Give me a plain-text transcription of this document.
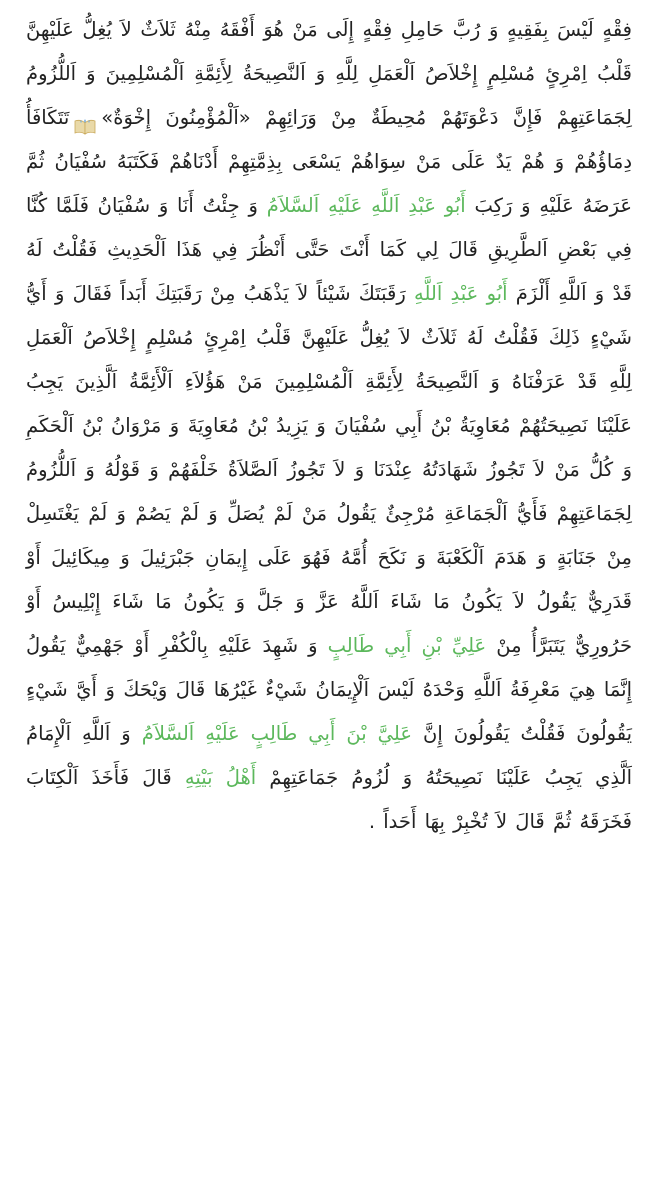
فِقْهٍ لَيْسَ بِفَقِيهٍ وَ رُبَّ حَامِلِ فِقْهٍ إِلَى مَنْ هُوَ أَفْقَهُ مِنْهُ ثَلاَثٌ لاَ يُغِلُّ عَلَيْهِنَّ قَلْبُ اِمْرِئٍ مُسْلِمٍ إِخْلاَصُ اَلْعَمَلِ لِلَّهِ وَ اَلنَّصِيحَةُ لِأَئِمَّةِ اَلْمُسْلِمِينَ وَ اَللُّزُومُ لِجَمَاعَتِهِمْ فَإِنَّ دَعْوَتَهُمْ مُحِيطَةٌ مِنْ وَرَائِهِمْ «اَلْمُؤْمِنُونَ إِخْوَةٌ»تَتَكَافَأُ دِمَاؤُهُمْ وَ هُمْ يَدٌ عَلَى مَنْ سِوَاهُمْ يَسْعَى بِذِمَّتِهِمْ أَدْنَاهُمْ فَكَتَبَهُ سُفْيَانُ ثُمَّ عَرَضَهُ عَلَيْهِ وَ رَكِبَ أَبُو عَبْدِ اَللَّهِ عَلَيْهِ اَلسَّلاَمُ وَ جِئْتُ أَنَا وَ سُفْيَانُ فَلَمَّا كُنَّا فِي بَعْضِ اَلطَّرِيقِ قَالَ لِي كَمَا أَنْتَ حَتَّى أَنْظُرَ فِي هَذَا اَلْحَدِيثِ فَقُلْتُ لَهُ قَدْ وَ اَللَّهِ أَلْزَمَ أَبُو عَبْدِ اَللَّهِ رَقَبَتَكَ شَيْئاً لاَ يَذْهَبُ مِنْ رَقَبَتِكَ أَبَداً فَقَالَ وَ أَيُّ شَيْءٍ ذَلِكَ فَقُلْتُ لَهُ ثَلاَثٌ لاَ يُغِلُّ عَلَيْهِنَّ قَلْبُ اِمْرِئٍ مُسْلِمٍ إِخْلاَصُ اَلْعَمَلِ لِلَّهِ قَدْ عَرَفْنَاهُ وَ اَلنَّصِيحَةُ لِأَئِمَّةِ اَلْمُسْلِمِينَ مَنْ هَؤُلاَءِ اَلْأَئِمَّةُ اَلَّذِينَ يَجِبُ عَلَيْنَا نَصِيحَتُهُمْ مُعَاوِيَةُ بْنُ أَبِي سُفْيَانَ وَ يَزِيدُ بْنُ مُعَاوِيَةَ وَ مَرْوَانُ بْنُ اَلْحَكَمِ وَ كُلُّ مَنْ لاَ تَجُوزُ شَهَادَتُهُ عِنْدَنَا وَ لاَ تَجُوزُ اَلصَّلاَةُ خَلْفَهُمْ وَ قَوْلُهُ وَ اَللُّزُومُ لِجَمَاعَتِهِمْ فَأَيُّ اَلْجَمَاعَةِ مُرْجِئٌ يَقُولُ مَنْ لَمْ يُصَلِّ وَ لَمْ يَصُمْ وَ لَمْ يَغْتَسِلْ مِنْ جَنَابَةٍ وَ هَدَمَ اَلْكَعْبَةَ وَ نَكَحَ أُمَّهُ فَهُوَ عَلَى إِيمَانِ جَبْرَئِيلَ وَ مِيكَائِيلَ أَوْ قَدَرِيٌّ يَقُولُ لاَ يَكُونُ مَا شَاءَ اَللَّهُ عَزَّ وَ جَلَّ وَ يَكُونُ مَا شَاءَ إِبْلِيسُ أَوْ حَرُورِيٌّ يَتَبَرَّأُ مِنْ عَلِيِّ بْنِ أَبِي طَالِبٍ وَ شَهِدَ عَلَيْهِ بِالْكُفْرِ أَوْ جَهْمِيٌّ يَقُولُ إِنَّمَا هِيَ مَعْرِفَةُ اَللَّهِ وَحْدَهُ لَيْسَ اَلْإِيمَانُ شَيْءٌ غَيْرُهَا قَالَ وَيْحَكَ وَ أَيَّ شَيْءٍ يَقُولُونَ فَقُلْتُ يَقُولُونَ إِنَّ عَلِيَّ بْنَ أَبِي طَالِبٍ عَلَيْهِ اَلسَّلاَمُ وَ اَللَّهِ اَلْإِمَامُ اَلَّذِي يَجِبُ عَلَيْنَا نَصِيحَتُهُ وَ لُزُومُ جَمَاعَتِهِمْ أَهْلُ بَيْتِهِ قَالَ فَأَخَذَ اَلْكِتَابَ فَخَرَقَهُ ثُمَّ قَالَ لاَ تُخْبِرْ بِهَا أَحَداً .
